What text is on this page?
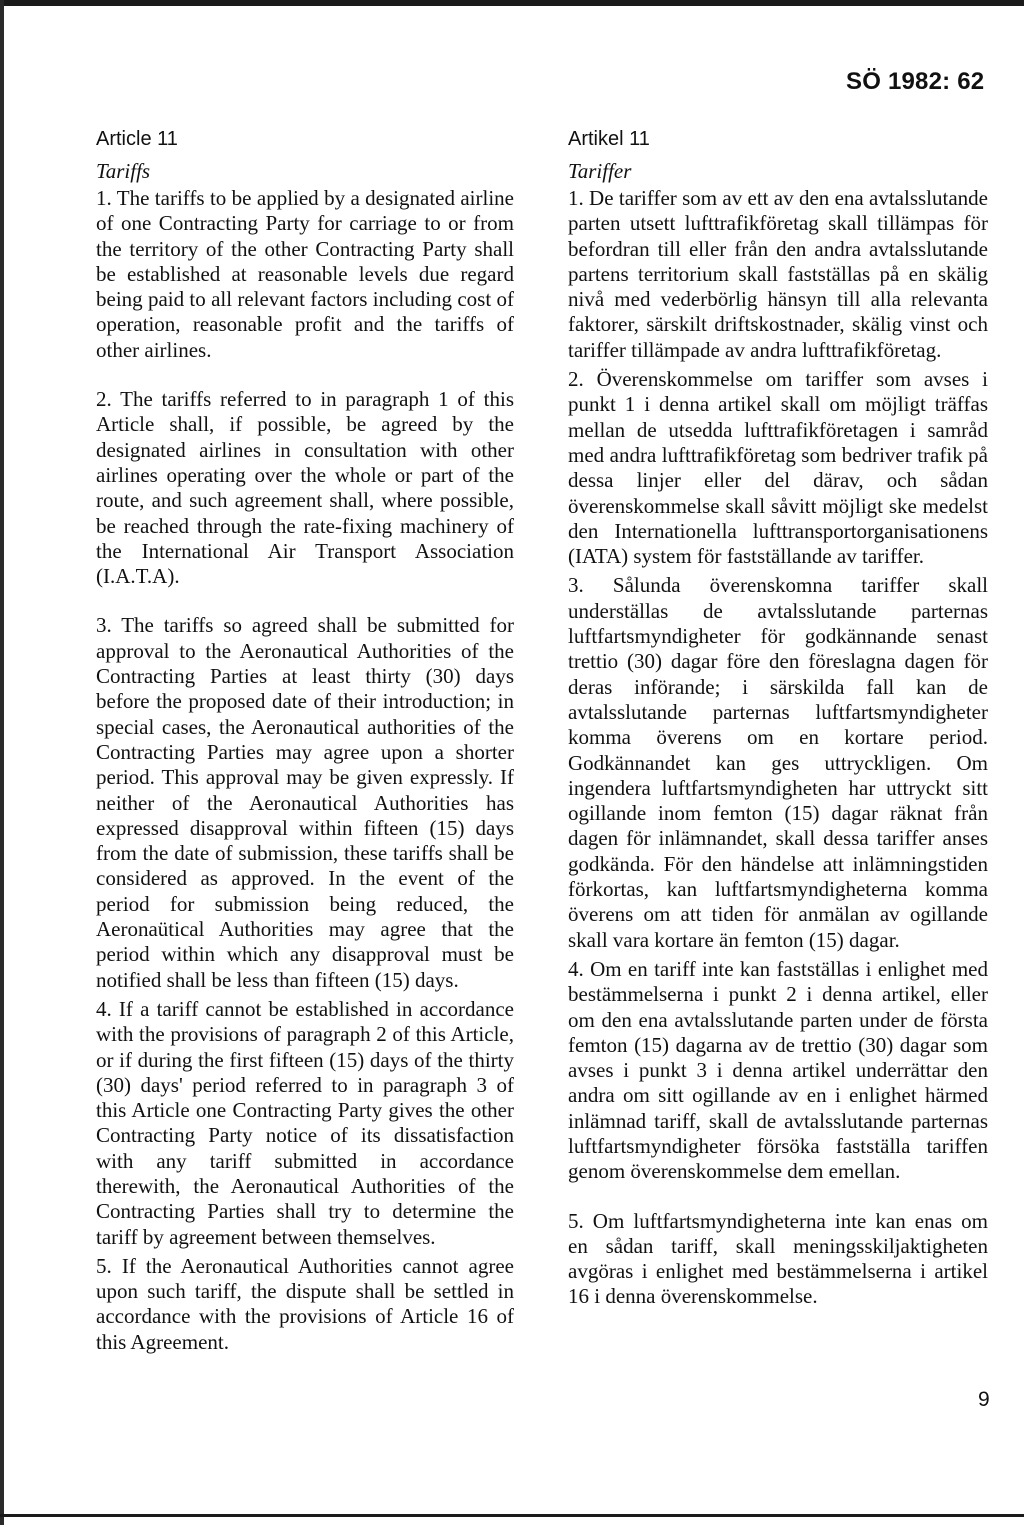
SÖ 1982: 62
Article 11
Tariffs

1. The tariffs to be applied by a designated airline of one Contracting Party for carriage to or from the territory of the other Contracting Party shall be established at reasonable levels due regard being paid to all relevant factors including cost of operation, reasonable profit and the tariffs of other airlines.

2. The tariffs referred to in paragraph 1 of this Article shall, if possible, be agreed by the designated airlines in consultation with other airlines operating over the whole or part of the route, and such agreement shall, where possible, be reached through the rate-fixing machinery of the International Air Transport Association (I.A.T.A).

3. The tariffs so agreed shall be submitted for approval to the Aeronautical Authorities of the Contracting Parties at least thirty (30) days before the proposed date of their introduction; in special cases, the Aeronautical authorities of the Contracting Parties may agree upon a shorter period. This approval may be given expressly. If neither of the Aeronautical Authorities has expressed disapproval within fifteen (15) days from the date of submission, these tariffs shall be considered as approved. In the event of the period for submission being reduced, the Aeronaütical Authorities may agree that the period within which any disapproval must be notified shall be less than fifteen (15) days.

4. If a tariff cannot be established in accordance with the provisions of paragraph 2 of this Article, or if during the first fifteen (15) days of the thirty (30) days' period referred to in paragraph 3 of this Article one Contracting Party gives the other Contracting Party notice of its dissatisfaction with any tariff submitted in accordance therewith, the Aeronautical Authorities of the Contracting Parties shall try to determine the tariff by agreement between themselves.

5. If the Aeronautical Authorities cannot agree upon such tariff, the dispute shall be settled in accordance with the provisions of Article 16 of this Agreement.

Artikel 11
Tariffer

1. De tariffer som av ett av den ena avtalsslutande parten utsett lufttrafikföretag skall tillämpas för befordran till eller från den andra avtalsslutande partens territorium skall fastställas på en skälig nivå med vederbörlig hänsyn till alla relevanta faktorer, särskilt driftskostnader, skälig vinst och tariffer tillämpade av andra lufttrafikföretag.

2. Överenskommelse om tariffer som avses i punkt 1 i denna artikel skall om möjligt träffas mellan de utsedda lufttrafikföretagen i samråd med andra lufttrafikföretag som bedriver trafik på dessa linjer eller del därav, och sådan överenskommelse skall såvitt möjligt ske medelst den Internationella lufttransportorganisationens (IATA) system för fastställande av tariffer.

3. Sålunda överenskomna tariffer skall underställas de avtalsslutande parternas luftfartsmyndigheter för godkännande senast trettio (30) dagar före den föreslagna dagen för deras införande; i särskilda fall kan de avtalsslutande parternas luftfartsmyndigheter komma överens om en kortare period. Godkännandet kan ges uttryckligen. Om ingendera luftfartsmyndigheten har uttryckt sitt ogillande inom femton (15) dagar räknat från dagen för inlämnandet, skall dessa tariffer anses godkända. För den händelse att inlämningstiden förkortas, kan luftfartsmyndigheterna komma överens om att tiden för anmälan av ogillande skall vara kortare än femton (15) dagar.

4. Om en tariff inte kan fastställas i enlighet med bestämmelserna i punkt 2 i denna artikel, eller om den ena avtalsslutande parten under de första femton (15) dagarna av de trettio (30) dagar som avses i punkt 3 i denna artikel underrättar den andra om sitt ogillande av en i enlighet härmed inlämnad tariff, skall de avtalsslutande parternas luftfartsmyndigheter försöka fastställa tariffen genom överenskommelse dem emellan.

5. Om luftfartsmyndigheterna inte kan enas om en sådan tariff, skall meningsskiljaktigheten avgöras i enlighet med bestämmelserna i artikel 16 i denna överenskommelse.

9
